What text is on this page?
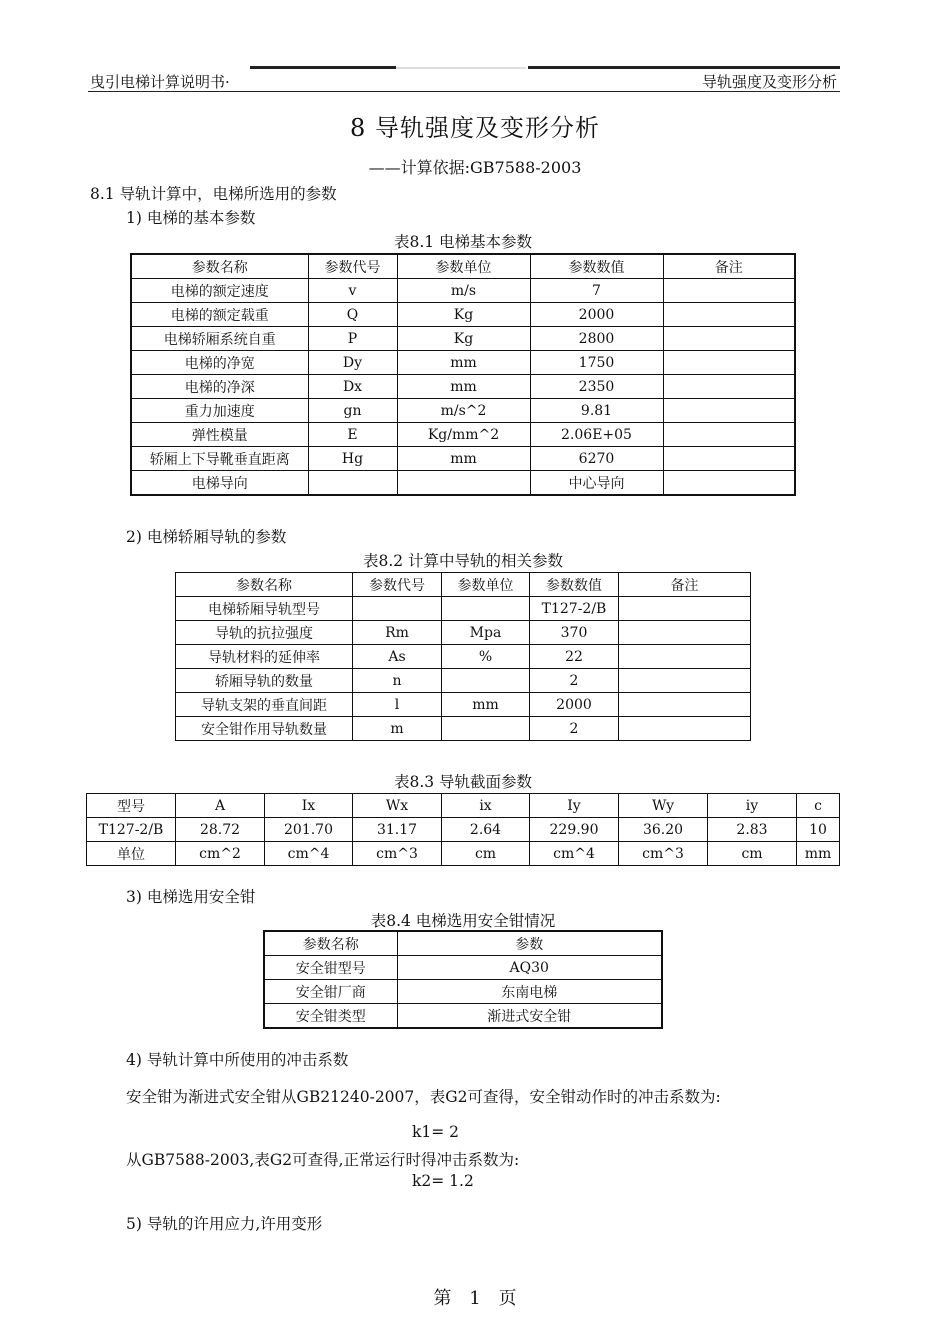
曳引电梯计算说明书·	导轨强度及变形分析
8 导轨强度及变形分析
——计算依据:GB7588-2003
8.1 导轨计算中，电梯所选用的参数
1) 电梯的基本参数
表8.1 电梯基本参数
参数名称	参数代号	参数单位	参数数值	备注
电梯的额定速度	v	m/s	7	
电梯的额定载重	Q	Kg	2000	
电梯轿厢系统自重	P	Kg	2800	
电梯的净宽	Dy	mm	1750	
电梯的净深	Dx	mm	2350	
重力加速度	gn	m/s^2	9.81	
弹性模量	E	Kg/mm^2	2.06E+05	
轿厢上下导靴垂直距离	Hg	mm	6270	
电梯导向			中心导向	
2) 电梯轿厢导轨的参数
表8.2 计算中导轨的相关参数
参数名称	参数代号	参数单位	参数数值	备注
电梯轿厢导轨型号			T127-2/B	
导轨的抗拉强度	Rm	Mpa	370	
导轨材料的延伸率	As	%	22	
轿厢导轨的数量	n		2	
导轨支架的垂直间距	l	mm	2000	
安全钳作用导轨数量	m		2	
表8.3 导轨截面参数
型号	A	Ix	Wx	ix	Iy	Wy	iy	c
T127-2/B	28.72	201.70	31.17	2.64	229.90	36.20	2.83	10
单位	cm^2	cm^4	cm^3	cm	cm^4	cm^3	cm	mm
3) 电梯选用安全钳
表8.4 电梯选用安全钳情况
参数名称	参数
安全钳型号	AQ30
安全钳厂商	东南电梯
安全钳类型	渐进式安全钳
4) 导轨计算中所使用的冲击系数
安全钳为渐进式安全钳从GB21240-2007，表G2可查得，安全钳动作时的冲击系数为:
k1= 2
从GB7588-2003,表G2可查得,正常运行时得冲击系数为:
k2= 1.2
5) 导轨的许用应力,许用变形
第 1 页
